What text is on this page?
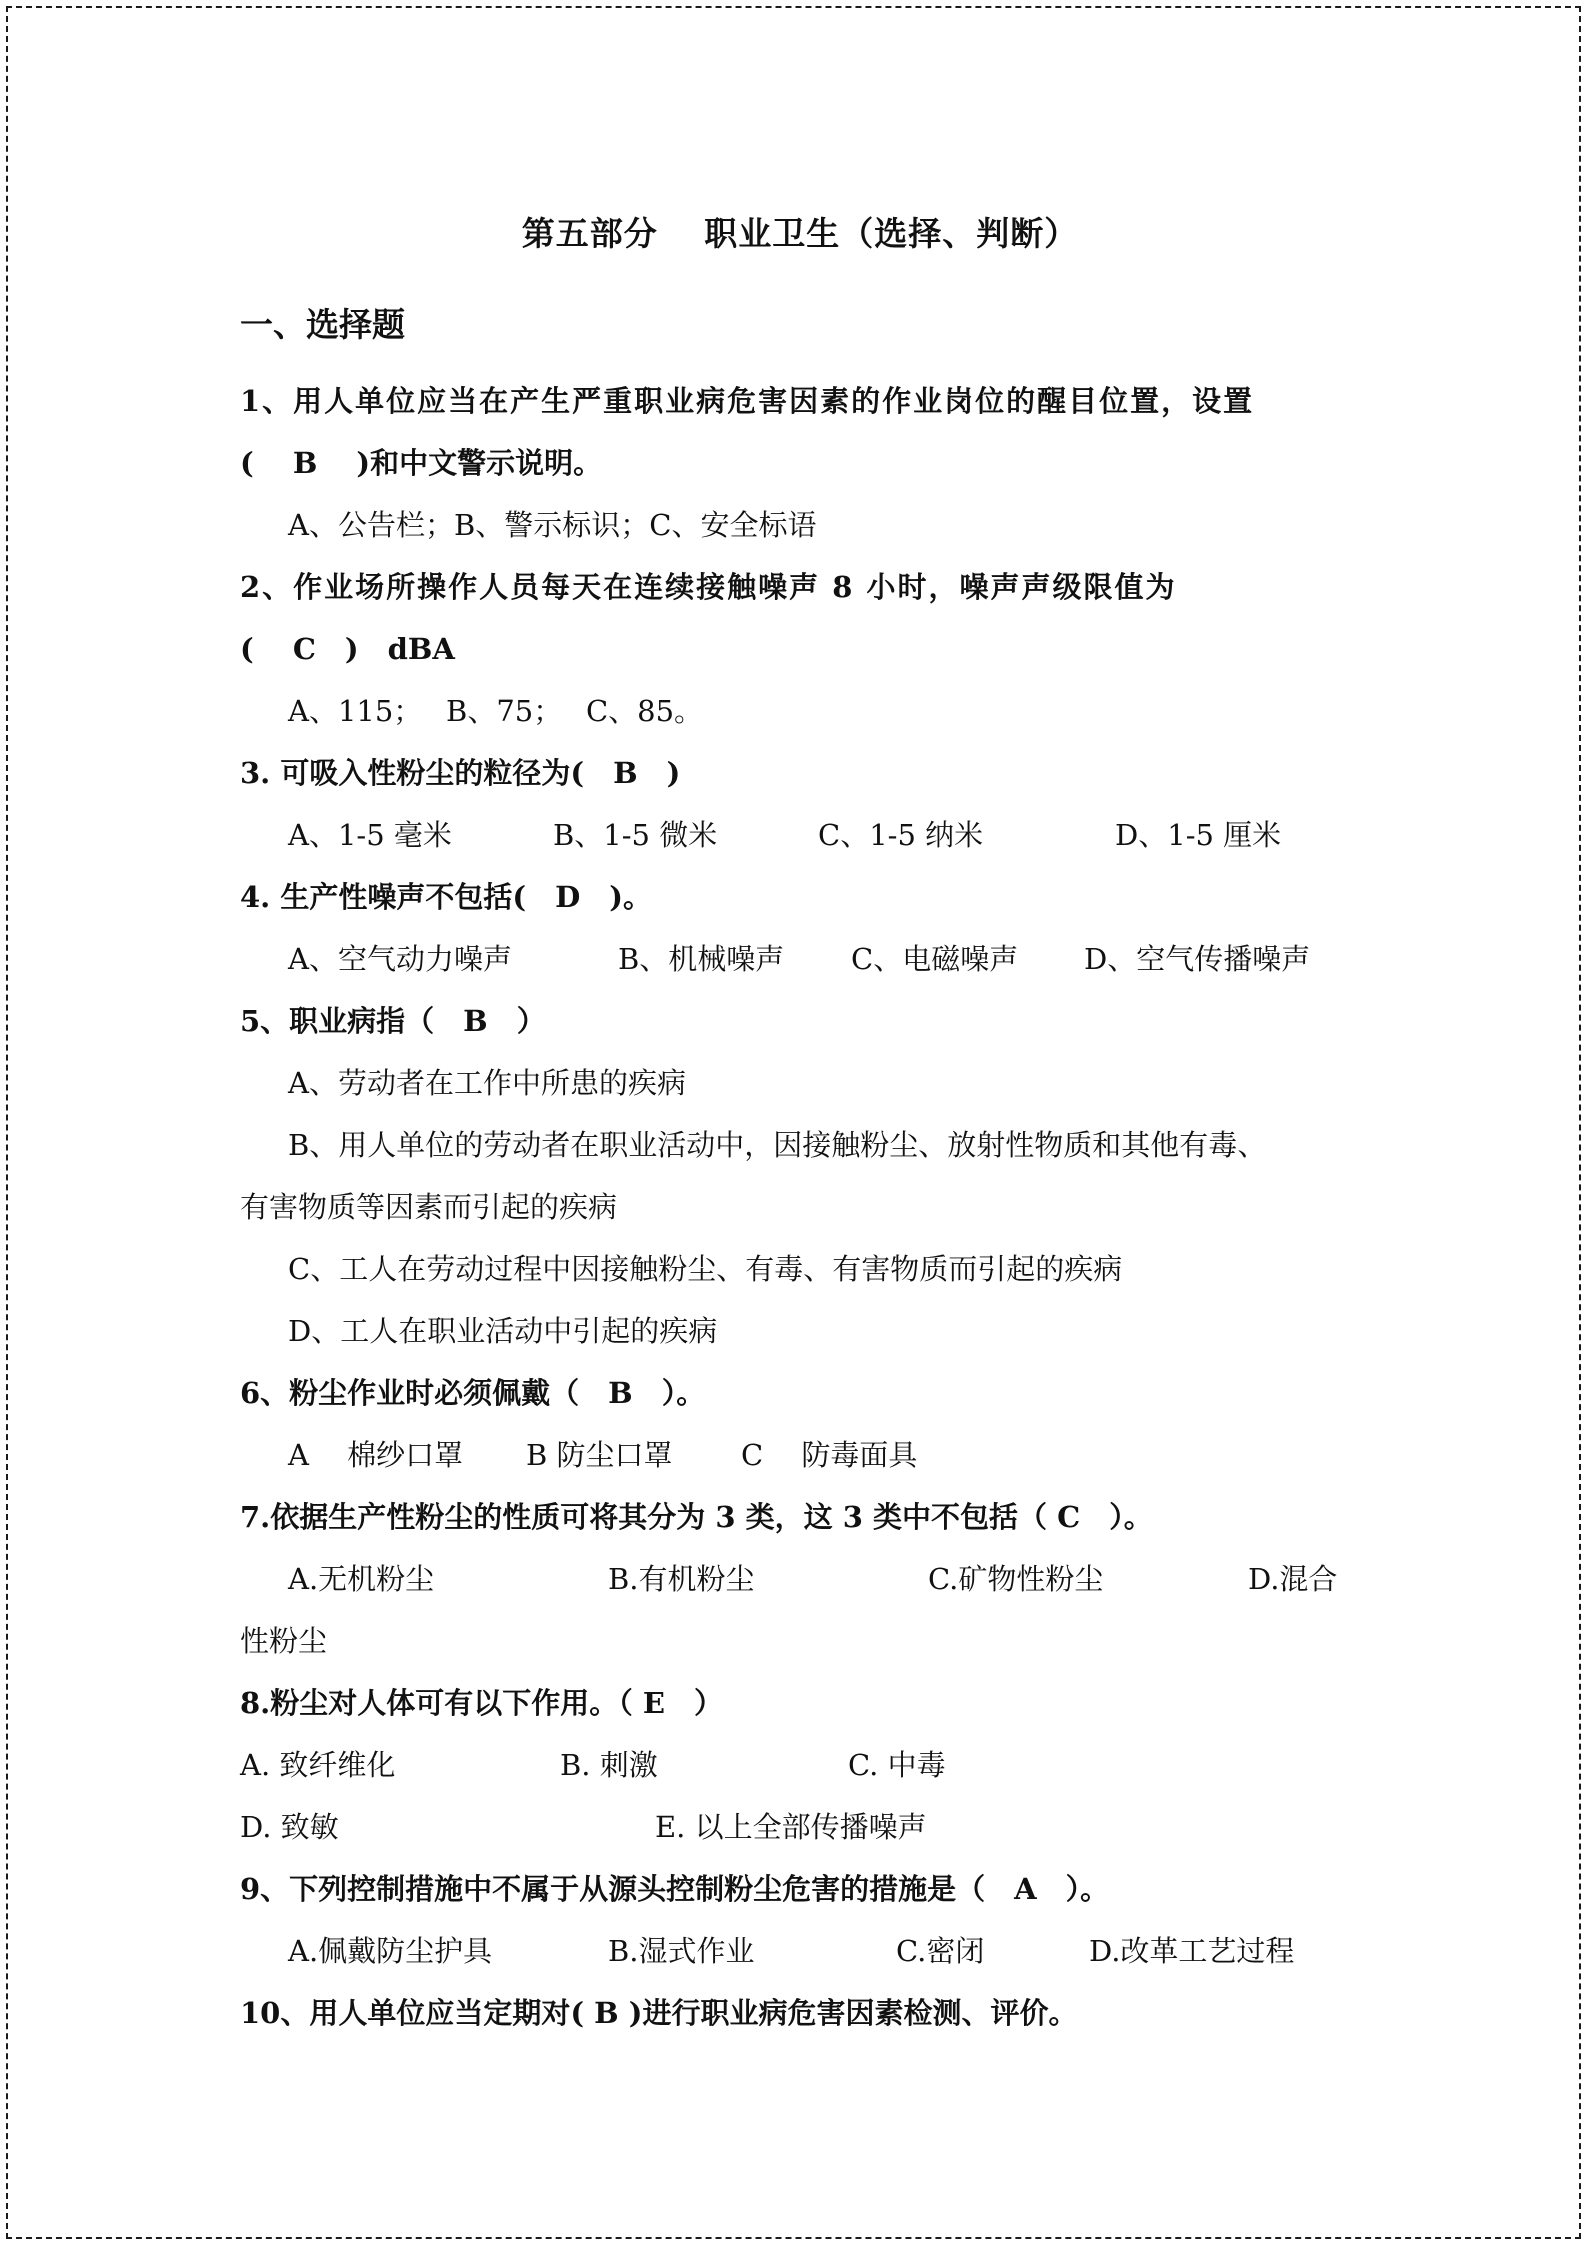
第五部分　 职业卫生（选择、判断）
一、选择题

1、用人单位应当在产生严重职业病危害因素的作业岗位的醒目位置，设置

(　 B　 )和中文警示说明。

A、公告栏；B、警示标识；C、安全标语

2、作业场所操作人员每天在连续接触噪声 8 小时，噪声声级限值为

(　 C　)　dBA

A、115；　 B、75；　 C、85。

3. 可吸入性粉尘的粒径为(　B　)

A、1-5 毫米	B、1-5 微米	C、1-5 纳米	D、1-5 厘米

4. 生产性噪声不包括(　D　)。

A、空气动力噪声	B、机械噪声	C、电磁噪声	D、空气传播噪声

5、职业病指（　B　）

A、劳动者在工作中所患的疾病

B、用人单位的劳动者在职业活动中，因接触粉尘、放射性物质和其他有毒、

有害物质等因素而引起的疾病

C、工人在劳动过程中因接触粉尘、有毒、有害物质而引起的疾病

D、工人在职业活动中引起的疾病

6、粉尘作业时必须佩戴（　B　）。

A　 棉纱口罩	B 防尘口罩	C　 防毒面具

7.依据生产性粉尘的性质可将其分为 3 类，这 3 类中不包括（ C　）。

A.无机粉尘	B.有机粉尘	C.矿物性粉尘	D.混合

性粉尘

8.粉尘对人体可有以下作用。（ E　）

A. 致纤维化	B. 刺激	C. 中毒
D. 致敏	E. 以上全部传播噪声

9、下列控制措施中不属于从源头控制粉尘危害的措施是（　A　）。

A.佩戴防尘护具	B.湿式作业	C.密闭	D.改革工艺过程

10、用人单位应当定期对( B )进行职业病危害因素检测、评价。
